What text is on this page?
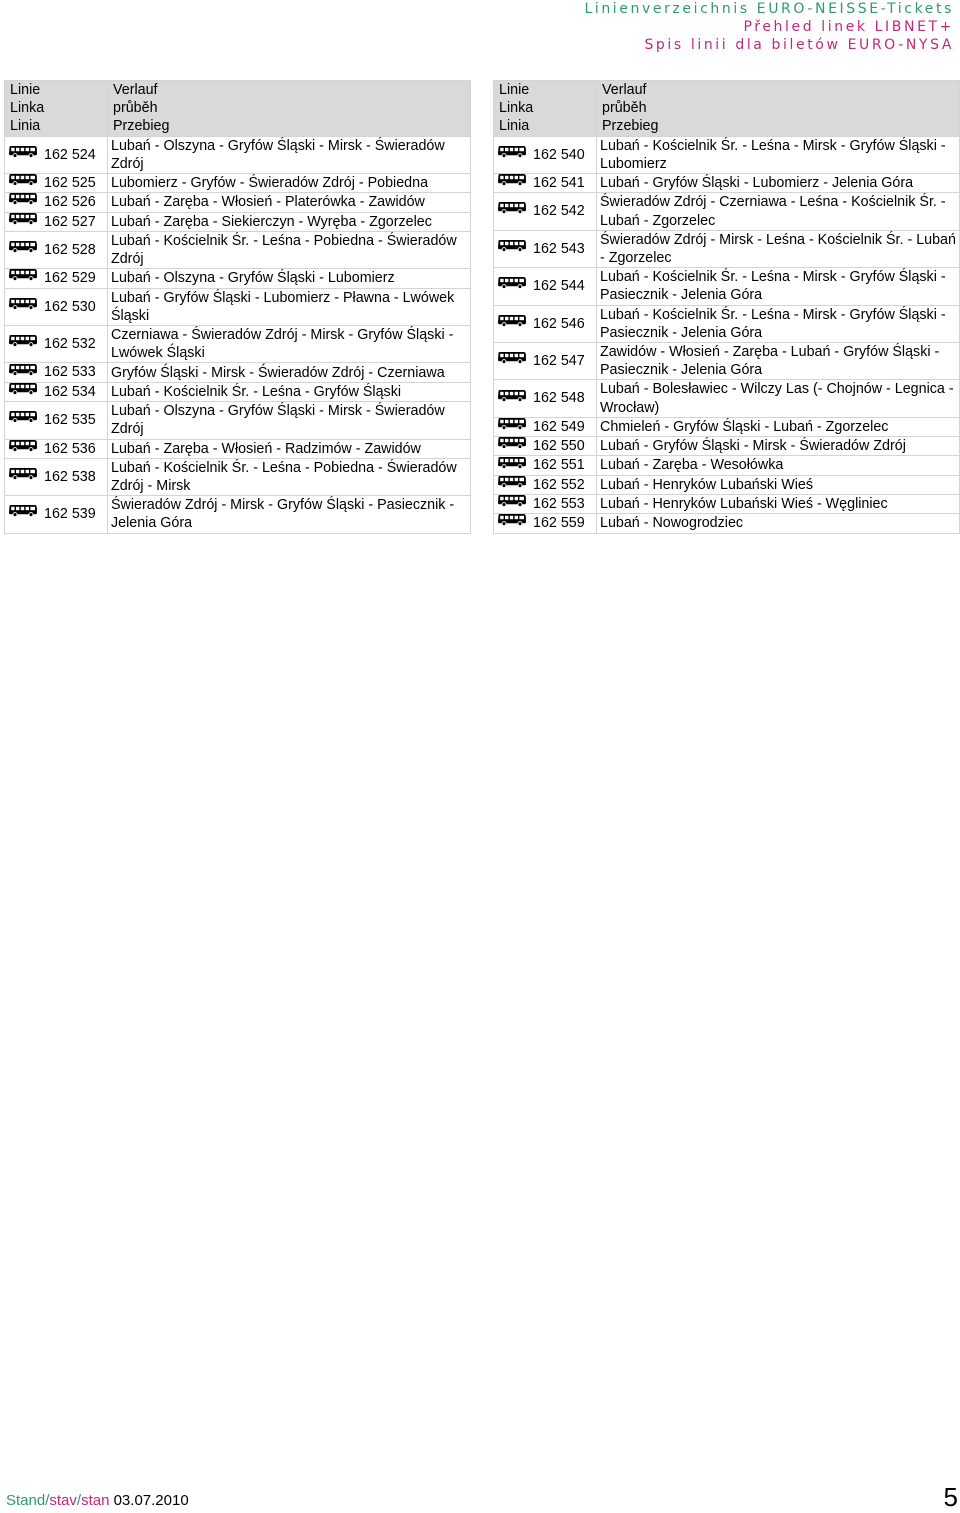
Linienverzeichnis EURO-NEISSE-Tickets
Přehled linek LIBNET+
Spis linii dla biletów EURO-NYSA
Linie
Linka
Linia	Verlauf
průběh
Przebieg

162 524	Lubań - Olszyna - Gryfów Śląski - Mirsk - Świeradów Zdrój
162 525	Lubomierz - Gryfów - Świeradów Zdrój - Pobiedna
162 526	Lubań - Zaręba - Włosień - Platerówka - Zawidów
162 527	Lubań - Zaręba - Siekierczyn - Wyręba - Zgorzelec
162 528	Lubań - Kościelnik Śr. - Leśna - Pobiedna - Świeradów Zdrój
162 529	Lubań - Olszyna - Gryfów Śląski - Lubomierz
162 530	Lubań - Gryfów Śląski - Lubomierz - Pławna - Lwówek Śląski
162 532	Czerniawa - Świeradów Zdrój - Mirsk - Gryfów Śląski - Lwówek Śląski
162 533	Gryfów Śląski - Mirsk - Świeradów Zdrój - Czerniawa
162 534	Lubań - Kościelnik Śr. - Leśna - Gryfów Śląski
162 535	Lubań - Olszyna - Gryfów Śląski - Mirsk - Świeradów Zdrój
162 536	Lubań - Zaręba - Włosień - Radzimów - Zawidów
162 538	Lubań - Kościelnik Śr. - Leśna - Pobiedna - Świeradów Zdrój - Mirsk
162 539	Świeradów Zdrój - Mirsk - Gryfów Śląski - Pasiecznik - Jelenia Góra
Linie
Linka
Linia	Verlauf
průběh
Przebieg

162 540	Lubań - Kościelnik Śr. - Leśna - Mirsk - Gryfów Śląski - Lubomierz
162 541	Lubań - Gryfów Śląski - Lubomierz - Jelenia Góra
162 542	Świeradów Zdrój - Czerniawa - Leśna - Kościelnik Śr. - Lubań - Zgorzelec
162 543	Świeradów Zdrój - Mirsk - Leśna - Kościelnik Śr. - Lubań - Zgorzelec
162 544	Lubań - Kościelnik Śr. - Leśna - Mirsk - Gryfów Śląski - Pasiecznik - Jelenia Góra
162 546	Lubań - Kościelnik Śr. - Leśna - Mirsk - Gryfów Śląski - Pasiecznik - Jelenia Góra
162 547	Zawidów - Włosień - Zaręba - Lubań - Gryfów Śląski - Pasiecznik - Jelenia Góra
162 548	Lubań - Bolesławiec - Wilczy Las (- Chojnów - Legnica - Wrocław)
162 549	Chmieleń - Gryfów Śląski - Lubań - Zgorzelec
162 550	Lubań - Gryfów Śląski - Mirsk - Świeradów Zdrój
162 551	Lubań - Zaręba - Wesołówka
162 552	Lubań - Henryków Lubański Wieś
162 553	Lubań - Henryków Lubański Wieś - Węgliniec
162 559	Lubań - Nowogrodziec
Stand/stav/stan 03.07.2010	5
